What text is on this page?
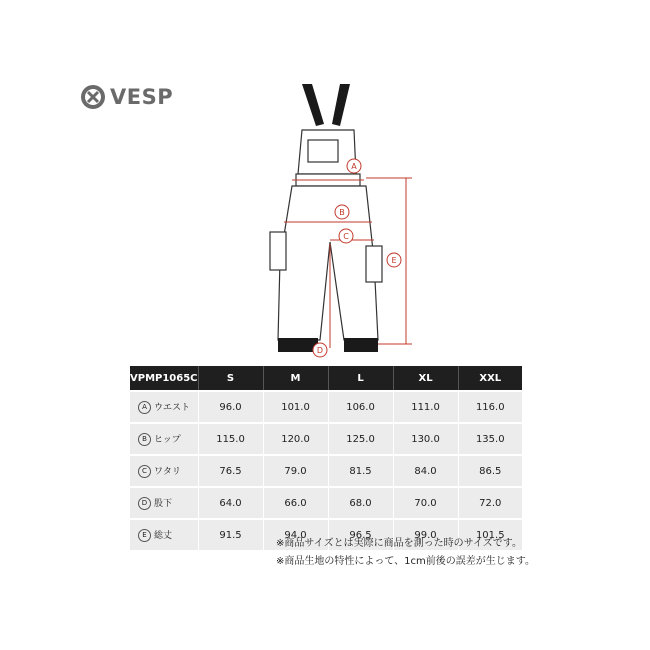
VESP
A
B
C
D
E
VPMP1065C	S	M	L	XL	XXL
A ウエスト	96.0	101.0	106.0	111.0	116.0
B ヒップ	115.0	120.0	125.0	130.0	135.0
C ワタリ	76.5	79.0	81.5	84.0	86.5
D 股下	64.0	66.0	68.0	70.0	72.0
E 総丈	91.5	94.0	96.5	99.0	101.5
※商品サイズとは実際に商品を測った時のサイズです。
※商品生地の特性によって、1cm前後の誤差が生じます。
